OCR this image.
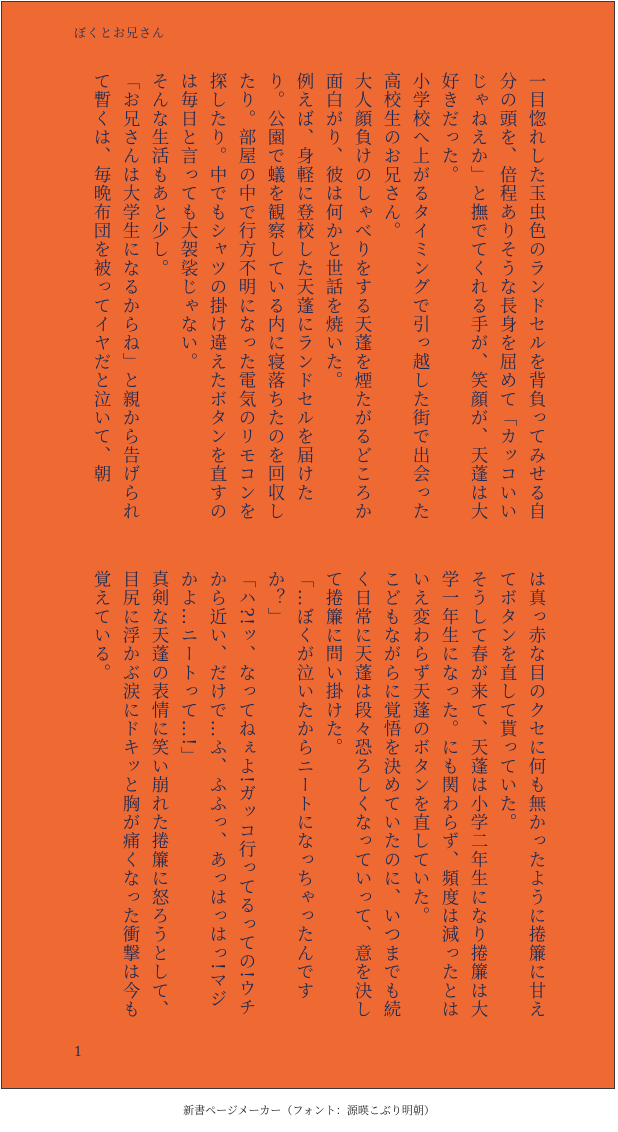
ぼくとお兄さん

一目惚れした玉虫色のランドセルを背負ってみせる自分の頭を、倍程ありそうな長身を屈めて「カッコいいじゃねえか」と撫でてくれる手が、笑顔が、天蓬は大好きだった。

小学校へ上がるタイミングで引っ越した街で出会った高校生のお兄さん。

大人顔負けのしゃべりをする天蓬を煙たがるどころか面白がり、彼は何かと世話を焼いた。

例えば、身軽に登校した天蓬にランドセルを届けたり。公園で蟻を観察している内に寝落ちたのを回収したり。部屋の中で行方不明になった電気のリモコンを探したり。中でもシャツの掛け違えたボタンを直すのは毎日と言っても大袈裟じゃない。

そんな生活もあと少し。

「お兄さんは大学生になるからね」と親から告げられて暫くは、毎晩布団を被ってイヤだと泣いて、朝

は真っ赤な目のクセに何も無かったように捲簾に甘えてボタンを直して貰っていた。

そうして春が来て、天蓬は小学二年生になり捲簾は大学一年生になった。にも関わらず、頻度は減ったとはいえ変わらず天蓬のボタンを直していた。

こどもながらに覚悟を決めていたのに、いつまでも続く日常に天蓬は段々恐ろしくなっていって、意を決して捲簾に問い掛けた。

「…ぼくが泣いたからニートになっちゃったんですか？」

「ハ?!ッ、なってねぇよ!ガッコ行ってるっての!ウチから近い、だけで…ふ、ふふっ、あっはっはっ!マジかよ…ニートって…!」

真剣な天蓬の表情に笑い崩れた捲簾に怒ろうとして、目尻に浮かぶ涙にドキッと胸が痛くなった衝撃は今も覚えている。

1
新書ページメーカー（フォント：源暎こぶり明朝）
